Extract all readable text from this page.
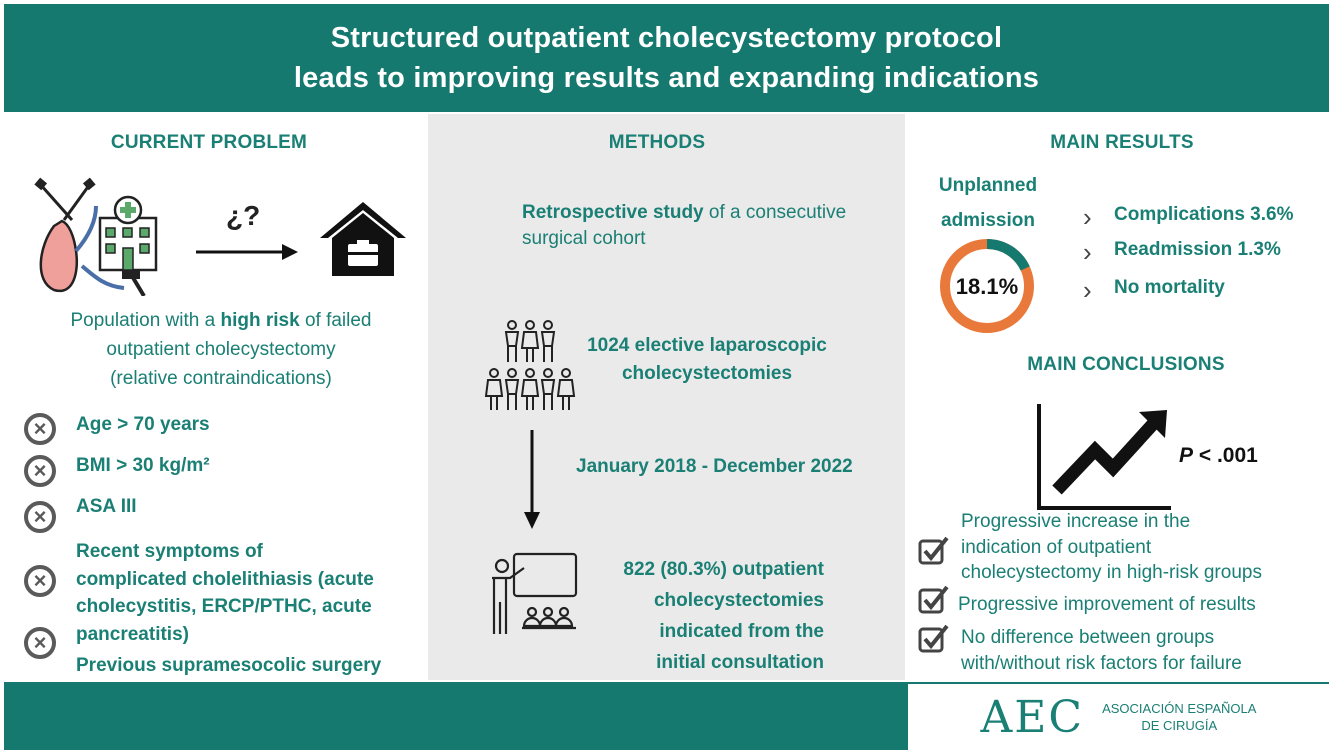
Structured outpatient cholecystectomy protocol
leads to improving results and expanding indications
CURRENT PROBLEM
¿?
Population with a high risk of failed
outpatient cholecystectomy
(relative contraindications)
× Age > 70 years
× BMI > 30 kg/m²
× ASA III
×
Recent symptoms of
complicated cholelithiasis (acute
cholecystitis, ERCP/PTHC, acute
pancreatitis)
×
Previous supramesocolic surgery
METHODS
Retrospective study of a consecutive
surgical cohort
1024 elective laparoscopic
cholecystectomies
January 2018 - December 2022
822 (80.3%) outpatient
cholecystectomies
indicated from the
initial consultation
MAIN RESULTS
Unplanned
admission
18.1%
› Complications 3.6%
› Readmission 1.3%
› No mortality
MAIN CONCLUSIONS
P < .001
Progressive increase in the
indication of outpatient
cholecystectomy in high-risk groups
Progressive improvement of results
No difference between groups
with/without risk factors for failure
AEC ASOCIACIÓN ESPAÑOLA
DE CIRUGÍA
